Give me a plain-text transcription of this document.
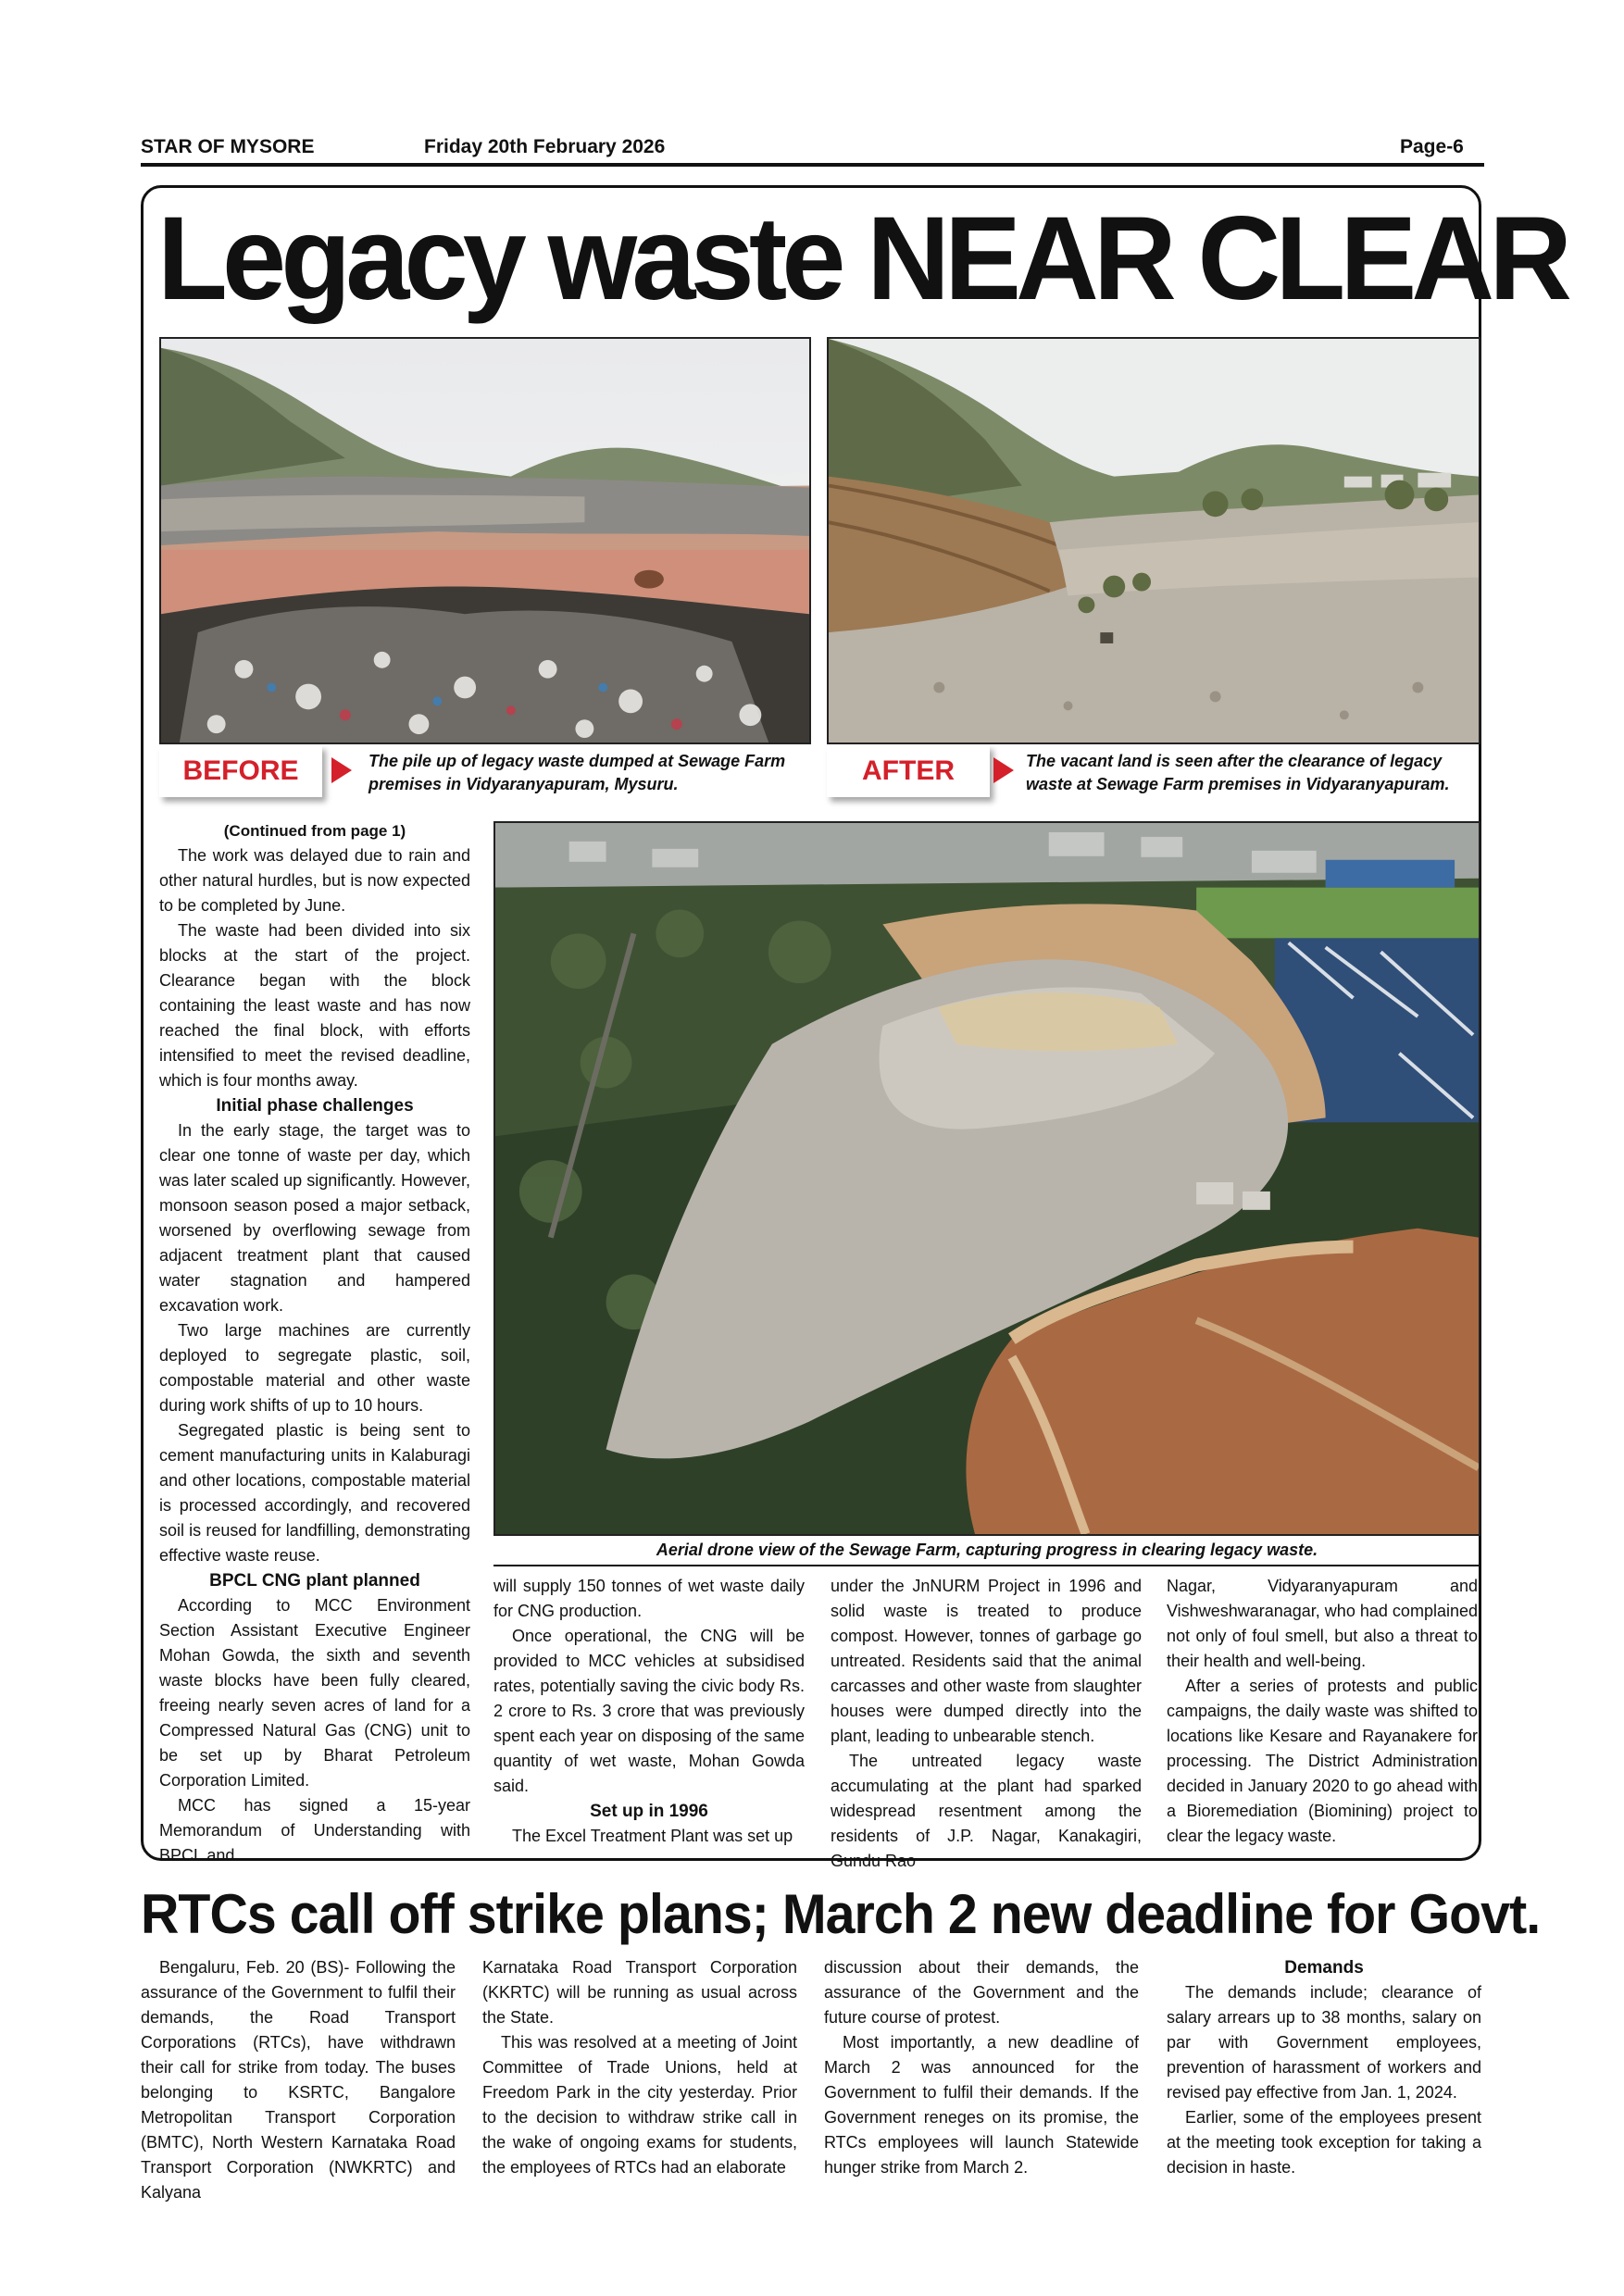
STAR OF MYSORE	Friday 20th February 2026	Page-6
Legacy waste NEAR CLEAR
BEFORE	The pile up of legacy waste dumped at Sewage Farm premises in Vidyaranyapuram, Mysuru.	AFTER	The vacant land is seen after the clearance of legacy waste at Sewage Farm premises in Vidyaranyapuram.
Aerial drone view of the Sewage Farm, capturing progress in clearing legacy waste.

(Continued from page 1)

The work was delayed due to rain and other natural hurdles, but is now expected to be completed by June.

The waste had been divided into six blocks at the start of the project. Clearance began with the block containing the least waste and has now reached the final block, with efforts intensified to meet the revised deadline, which is four months away.

Initial phase challenges

In the early stage, the target was to clear one tonne of waste per day, which was later scaled up significantly. However, monsoon season posed a major setback, worsened by overflowing sewage from adjacent treatment plant that caused water stagnation and hampered excavation work.

Two large machines are currently deployed to segregate plastic, soil, compostable material and other waste during work shifts of up to 10 hours.

Segregated plastic is being sent to cement manufacturing units in Kalaburagi and other locations, compostable material is processed accordingly, and recovered soil is reused for landfilling, demonstrating effective waste reuse.

BPCL CNG plant planned

According to MCC Environment Section Assistant Executive Engineer Mohan Gowda, the sixth and seventh waste blocks have been fully cleared, freeing nearly seven acres of land for a Compressed Natural Gas (CNG) unit to be set up by Bharat Petroleum Corporation Limited.

MCC has signed a 15-year Memorandum of Understanding with BPCL and

will supply 150 tonnes of wet waste daily for CNG production.

Once operational, the CNG will be provided to MCC vehicles at subsidised rates, potentially saving the civic body Rs. 2 crore to Rs. 3 crore that was previously spent each year on disposing of the same quantity of wet waste, Mohan Gowda said.

Set up in 1996

The Excel Treatment Plant was set up

under the JnNURM Project in 1996 and solid waste is treated to produce compost. However, tonnes of garbage go untreated. Residents said that the animal carcasses and other waste from slaughter houses were dumped directly into the plant, leading to unbearable stench.

The untreated legacy waste accumulating at the plant had sparked widespread resentment among the residents of J.P. Nagar, Kanakagiri, Gundu Rao

Nagar, Vidyaranyapuram and Vishweshwaranagar, who had complained not only of foul smell, but also a threat to their health and well-being.

After a series of protests and public campaigns, the daily waste was shifted to locations like Kesare and Rayanakere for processing. The District Administration decided in January 2020 to go ahead with a Bioremediation (Biomining) project to clear the legacy waste.

RTCs call off strike plans; March 2 new deadline for Govt.

Bengaluru, Feb. 20 (BS)- Following the assurance of the Government to fulfil their demands, the Road Transport Corporations (RTCs), have withdrawn their call for strike from today. The buses belonging to KSRTC, Bangalore Metropolitan Transport Corporation (BMTC), North Western Karnataka Road Transport Corporation (NWKRTC) and Kalyana

Karnataka Road Transport Corporation (KKRTC) will be running as usual across the State.

This was resolved at a meeting of Joint Committee of Trade Unions, held at Freedom Park in the city yesterday. Prior to the decision to withdraw strike call in the wake of ongoing exams for students, the employees of RTCs had an elaborate

discussion about their demands, the assurance of the Government and the future course of protest.

Most importantly, a new deadline of March 2 was announced for the Government to fulfil their demands. If the Government reneges on its promise, the RTCs employees will launch Statewide hunger strike from March 2.

Demands

The demands include; clearance of salary arrears up to 38 months, salary on par with Government employees, prevention of harassment of workers and revised pay effective from Jan. 1, 2024.

Earlier, some of the employees present at the meeting took exception for taking a decision in haste.
